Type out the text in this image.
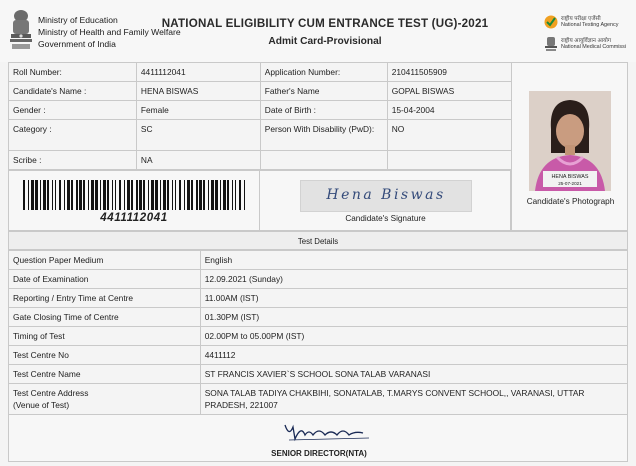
Ministry of Education
Ministry of Health and Family Welfare
Government of India
NATIONAL ELIGIBILITY CUM ENTRANCE TEST (UG)-2021
Admit Card-Provisional
राष्ट्रीय परीक्षा एजेंसी
National Testing Agency
राष्ट्रीय आयुर्विज्ञान आयोग
National Medical Commissi
Roll Number:	4411112041	Application Number:	210411505909	
Candidate's Name :	HENA BISWAS	Father's Name	GOPAL BISWAS	
Gender :	Female	Date of Birth :	15-04-2004	
Category :	SC	Person With Disability (PwD):	NO	
Scribe :	NA			
HENA BISWAS
25-07-2021
Candidate's Photograph
4411112041
Hena Biswas
Candidate's Signature
Test Details
Question Paper Medium	English
Date of Examination	12.09.2021 (Sunday)
Reporting / Entry Time at Centre	11.00AM (IST)
Gate Closing Time of Centre	01.30PM (IST)
Timing of Test	02.00PM to 05.00PM (IST)
Test Centre No	4411112
Test Centre Name	ST FRANCIS XAVIER`S SCHOOL SONA TALAB VARANASI
Test Centre Address
(Venue of Test)	SONA TALAB TADIYA CHAKBIHI, SONATALAB, T.MARYS CONVENT SCHOOL,, VARANASI, UTTAR PRADESH, 221007
SENIOR DIRECTOR(NTA)
